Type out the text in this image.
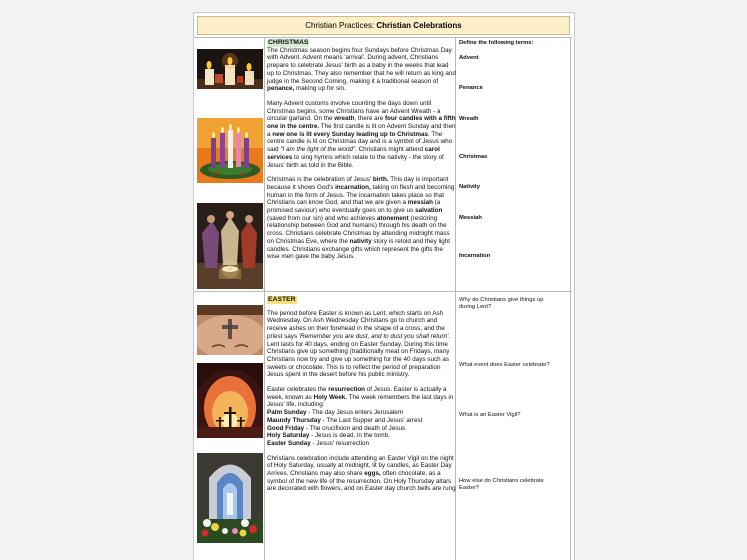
Christian Practices: Christian Celebrations
CHRISTMAS

The Christmas season begins four Sundays before Christmas Day with Advent. Advent means 'arrival'. During advent, Christians prepare to celebrate Jesus' birth as a baby in the weeks that lead up to Christmas. They also remember that he will return as king and judge in the Second Coming, making it a traditional season of penance, making up for sin.

Many Advent customs involve counting the days down until Christmas begins, some Christians have an Advent Wreath - a circular garland. On the wreath, there are four candles with a fifth one in the centre. The first candle is lit on Advent Sunday and then a new one is lit every Sunday leading up to Christmas. The centre candle is lit on Christmas day and is a symbol of Jesus who said "I am the light of the world". Christians might attend carol services to sing hymns which relate to the nativity - the story of Jesus' birth as told in the Bible.

Christmas is the celebration of Jesus' birth. This day is important because it shows God's incarnation, taking on flesh and becoming human in the form of Jesus. The incarnation takes place so that Christians can know God, and that we are given a messiah (a promised saviour) who eventually goes on to give us salvation (saved from our sin) and who achieves atonement (restoring relationship between God and humans) through his death on the cross. Christians celebrate Christmas by attending midnight mass on Christmas Eve, where the nativity story is retold and they light candles. Christians exchange gifts which represent the gifts the wise men gave the baby Jesus.

Define the following terms:
EASTER

The period before Easter is known as Lent, which starts on Ash Wednesday. On Ash Wednesday Christians go to church and receive ashes on their forehead in the shape of a cross, and the priest says 'Remember you are dust, and to dust you shall return'. Lent lasts for 40 days, ending on Easter Sunday. During this time Christians give up something (traditionally meat on Fridays, many Christians now try and give up something for the 40 days such as sweets or chocolate. This is to reflect the period of preparation Jesus spent in the desert before his public ministry.

Easter celebrates the resurrection of Jesus. Easter is actually a week, known as Holy Week. The week remembers the last days in Jesus' life, including:

Palm Sunday - The day Jesus enters Jerusalem
Maundy Thursday - The Last Supper and Jesus' arrest
Good Friday - The crucifixion and death of Jesus
Holy Saturday - Jesus is dead, in the tomb.
Easter Sunday - Jesus' resurrection

Christians celebration include attending an Easter Vigil on the night of Holy Saturday, usually at midnight, lit by candles, as Easter Day Arrives. Christians may also share eggs, often chocolate, as a symbol of the new life of the resurrection. On Holy Thursday altars are decorated with flowers, and on Easter day church bells are rung

Advent
Penance
Wreath
Christmas
Nativity
Messiah
Incarnation
Why do Christians give things up during Lent?
What event does Easter celebrate?
What is an Easter Vigil?
How else do Christians celebrate Easter?
